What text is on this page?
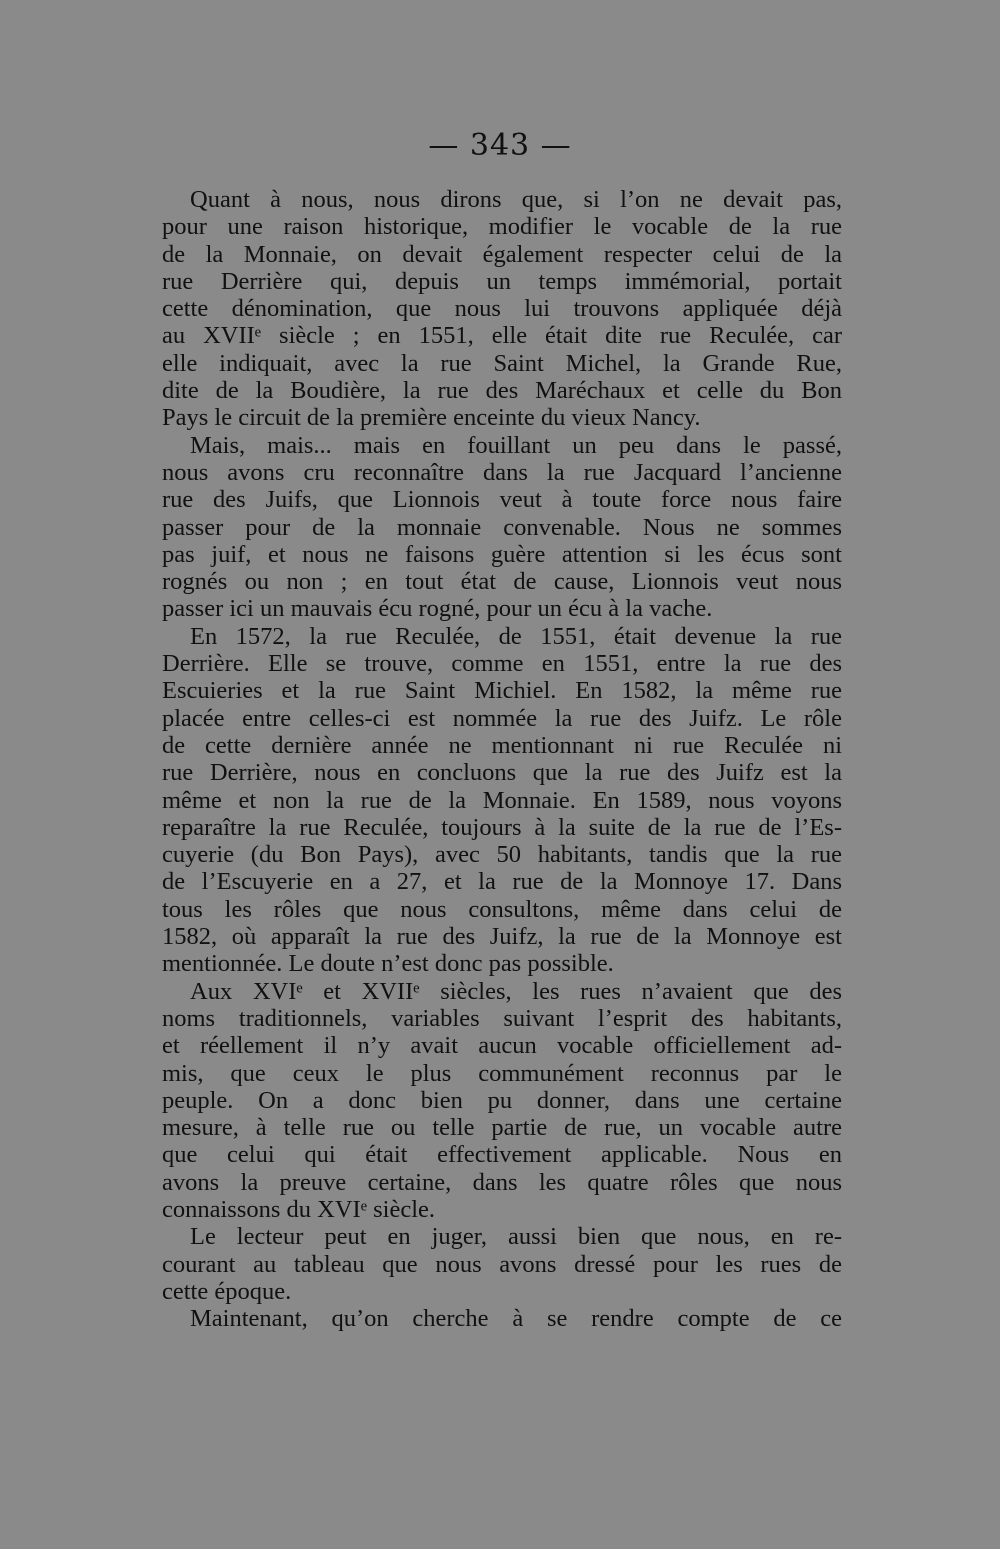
— 343 —
Quant à nous, nous dirons que, si l’on ne devait pas,
pour une raison historique, modifier le vocable de la rue
de la Monnaie, on devait également respecter celui de la
rue Derrière qui, depuis un temps immémorial, portait
cette dénomination, que nous lui trouvons appliquée déjà
au XVIIᵉ siècle ; en 1551, elle était dite rue Reculée, car
elle indiquait, avec la rue Saint Michel, la Grande Rue,
dite de la Boudière, la rue des Maréchaux et celle du Bon
Pays le circuit de la première enceinte du vieux Nancy.
Mais, mais... mais en fouillant un peu dans le passé,
nous avons cru reconnaître dans la rue Jacquard l’ancienne
rue des Juifs, que Lionnois veut à toute force nous faire
passer pour de la monnaie convenable. Nous ne sommes
pas juif, et nous ne faisons guère attention si les écus sont
rognés ou non ; en tout état de cause, Lionnois veut nous
passer ici un mauvais écu rogné, pour un écu à la vache.
En 1572, la rue Reculée, de 1551, était devenue la rue
Derrière. Elle se trouve, comme en 1551, entre la rue des
Escuieries et la rue Saint Michiel. En 1582, la même rue
placée entre celles-ci est nommée la rue des Juifz. Le rôle
de cette dernière année ne mentionnant ni rue Reculée ni
rue Derrière, nous en concluons que la rue des Juifz est la
même et non la rue de la Monnaie. En 1589, nous voyons
reparaître la rue Reculée, toujours à la suite de la rue de l’Es-
cuyerie (du Bon Pays), avec 50 habitants, tandis que la rue
de l’Escuyerie en a 27, et la rue de la Monnoye 17. Dans
tous les rôles que nous consultons, même dans celui de
1582, où apparaît la rue des Juifz, la rue de la Monnoye est
mentionnée. Le doute n’est donc pas possible.
Aux XVIᵉ et XVIIᵉ siècles, les rues n’avaient que des
noms traditionnels, variables suivant l’esprit des habitants,
et réellement il n’y avait aucun vocable officiellement ad-
mis, que ceux le plus communément reconnus par le
peuple. On a donc bien pu donner, dans une certaine
mesure, à telle rue ou telle partie de rue, un vocable autre
que celui qui était effectivement applicable. Nous en
avons la preuve certaine, dans les quatre rôles que nous
connaissons du XVIᵉ siècle.
Le lecteur peut en juger, aussi bien que nous, en re-
courant au tableau que nous avons dressé pour les rues de
cette époque.
Maintenant, qu’on cherche à se rendre compte de ce
